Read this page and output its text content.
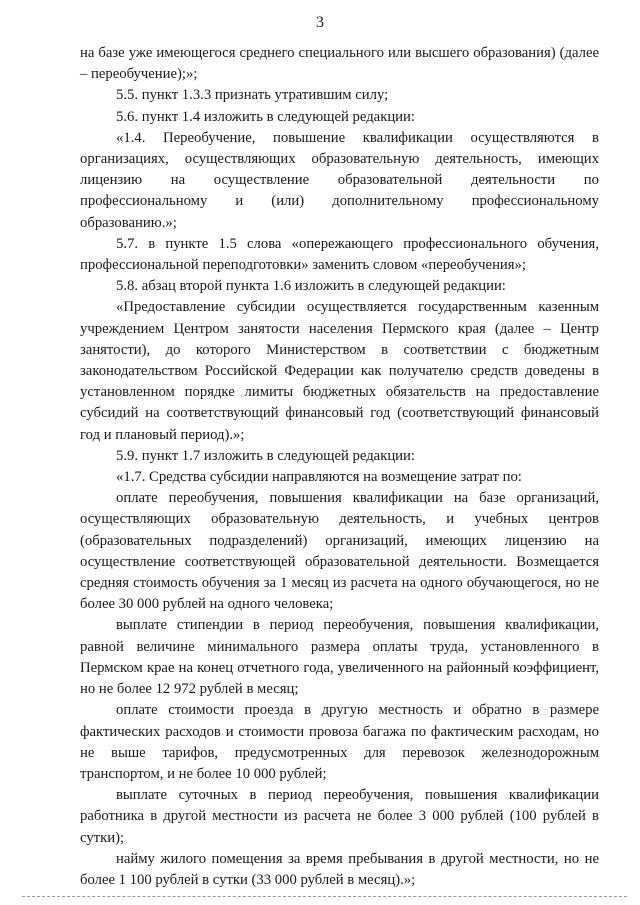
3

на базе уже имеющегося среднего специального или высшего образования) (далее – переобучение);»;

5.5. пункт 1.3.3 признать утратившим силу;

5.6. пункт 1.4 изложить в следующей редакции:

«1.4. Переобучение, повышение квалификации осуществляются в организациях, осуществляющих образовательную деятельность, имеющих лицензию на осуществление образовательной деятельности по профессиональному и (или) дополнительному профессиональному образованию.»;

5.7. в пункте 1.5 слова «опережающего профессионального обучения, профессиональной переподготовки» заменить словом «переобучения»;

5.8. абзац второй пункта 1.6 изложить в следующей редакции:

«Предоставление субсидии осуществляется государственным казенным учреждением Центром занятости населения Пермского края (далее – Центр занятости), до которого Министерством в соответствии с бюджетным законодательством Российской Федерации как получателю средств доведены в установленном порядке лимиты бюджетных обязательств на предоставление субсидий на соответствующий финансовый год (соответствующий финансовый год и плановый период).»;

5.9. пункт 1.7 изложить в следующей редакции:

«1.7. Средства субсидии направляются на возмещение затрат по:

оплате переобучения, повышения квалификации на базе организаций, осуществляющих образовательную деятельность, и учебных центров (образовательных подразделений) организаций, имеющих лицензию на осуществление соответствующей образовательной деятельности. Возмещается средняя стоимость обучения за 1 месяц из расчета на одного обучающегося, но не более 30 000 рублей на одного человека;

выплате стипендии в период переобучения, повышения квалификации, равной величине минимального размера оплаты труда, установленного в Пермском крае на конец отчетного года, увеличенного на районный коэффициент, но не более 12 972 рублей в месяц;

оплате стоимости проезда в другую местность и обратно в размере фактических расходов и стоимости провоза багажа по фактическим расходам, но не выше тарифов, предусмотренных для перевозок железнодорожным транспортом, и не более 10 000 рублей;

выплате суточных в период переобучения, повышения квалификации работника в другой местности из расчета не более 3 000 рублей (100 рублей в сутки);

найму жилого помещения за время пребывания в другой местности, но не более 1 100 рублей в сутки (33 000 рублей в месяц).»;
